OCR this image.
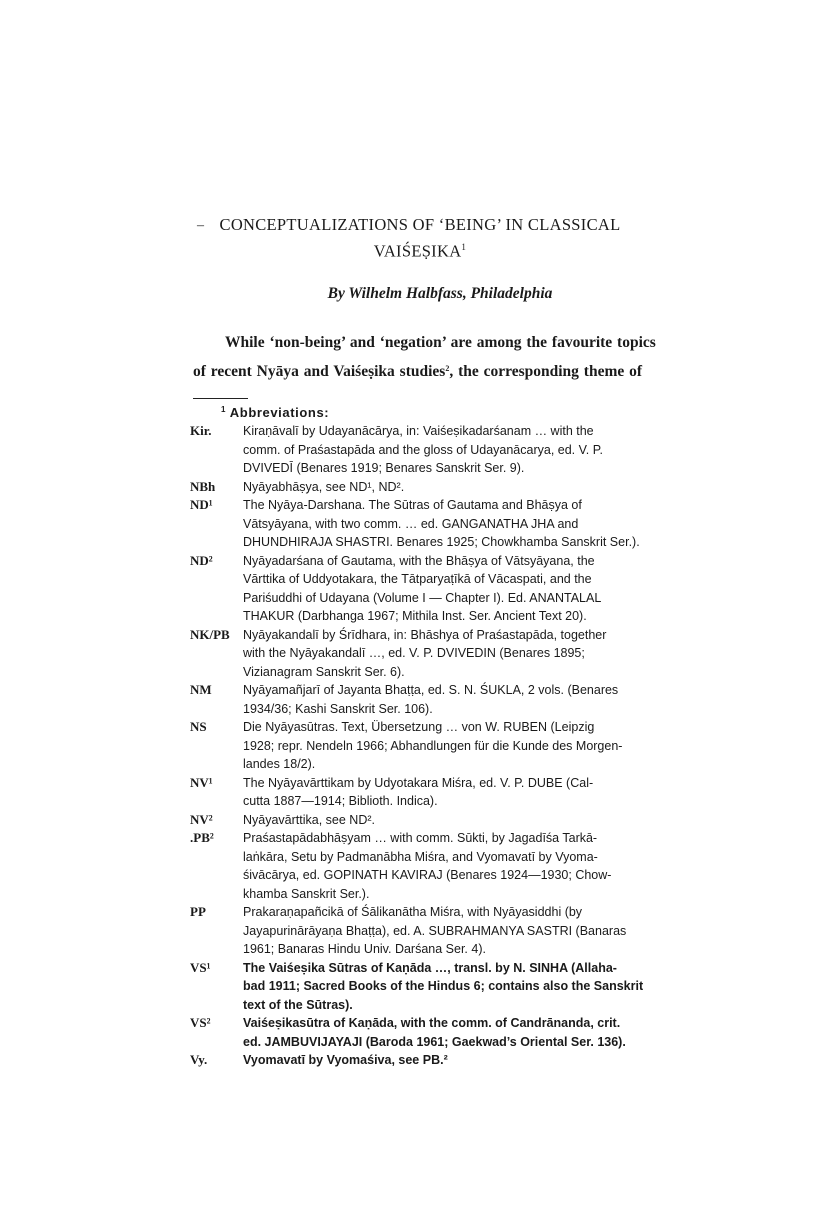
– CONCEPTUALIZATIONS OF ‘BEING’ IN CLASSICAL
VAIŚEṢIKA$^1$
By Wilhelm Halbfass, Philadelphia
While ‘non-being’ and ‘negation’ are among the favourite topics
of recent Nyāya and Vaiśeṣika studies$^2$, the corresponding theme of
$^1$ Abbreviations:
Kir.	Kiraṇāvalī by Udayanācārya, in: Vaiśeṣikadarśanam … with the
comm. of Praśastapāda and the gloss of Udayanācarya, ed. V. P.
DVIVEDĪ (Benares 1919; Benares Sanskrit Ser. 9).
NBh	Nyāyabhāṣya, see ND¹, ND².
ND¹	The Nyāya-Darshana. The Sūtras of Gautama and Bhāṣya of
Vātsyāyana, with two comm. … ed. GANGANATHA JHA and
DHUNDHIRAJA SHASTRI. Benares 1925; Chowkhamba Sanskrit Ser.).
ND²	Nyāyadarśana of Gautama, with the Bhāṣya of Vātsyāyana, the
Vārttika of Uddyotakara, the Tātparyaṭīkā of Vācaspati, and the
Pariśuddhi of Udayana (Volume I — Chapter I). Ed. ANANTALAL
THAKUR (Darbhanga 1967; Mithila Inst. Ser. Ancient Text 20).
NK/PB	Nyāyakandalī by Śrīdhara, in: Bhāshya of Praśastapāda, together
with the Nyāyakandalī …, ed. V. P. DVIVEDIN (Benares 1895;
Vizianagram Sanskrit Ser. 6).
NM	Nyāyamañjarī of Jayanta Bhaṭṭa, ed. S. N. ŚUKLA, 2 vols. (Benares
1934/36; Kashi Sanskrit Ser. 106).
NS	Die Nyāyasūtras. Text, Übersetzung … von W. RUBEN (Leipzig
1928; repr. Nendeln 1966; Abhandlungen für die Kunde des Morgen-
landes 18/2).
NV¹	The Nyāyavārttikam by Udyotakara Miśra, ed. V. P. DUBE (Cal-
cutta 1887—1914; Biblioth. Indica).
NV²	Nyāyavārttika, see ND².
.PB²	Praśastapādabhāṣyam … with comm. Sūkti, by Jagadīśa Tarkā-
laṅkāra, Setu by Padmanābha Miśra, and Vyomavatī by Vyoma-
śivācārya, ed. GOPINATH KAVIRAJ (Benares 1924—1930; Chow-
khamba Sanskrit Ser.).
PP	Prakaraṇapañcikā of Śālikanātha Miśra, with Nyāyasiddhi (by
Jayapurinārāyaṇa Bhaṭṭa), ed. A. SUBRAHMANYA SASTRI (Banaras
1961; Banaras Hindu Univ. Darśana Ser. 4).
VS¹	The Vaiśeṣika Sūtras of Kaṇāda …, transl. by N. SINHA (Allaha-
bad 1911; Sacred Books of the Hindus 6; contains also the Sanskrit
text of the Sūtras).
VS²	Vaiśeṣikasūtra of Kaṇāda, with the comm. of Candrānanda, crit.
ed. JAMBUVIJAYAJI (Baroda 1961; Gaekwad’s Oriental Ser. 136).
Vy.	Vyomavatī by Vyomaśiva, see PB.²
